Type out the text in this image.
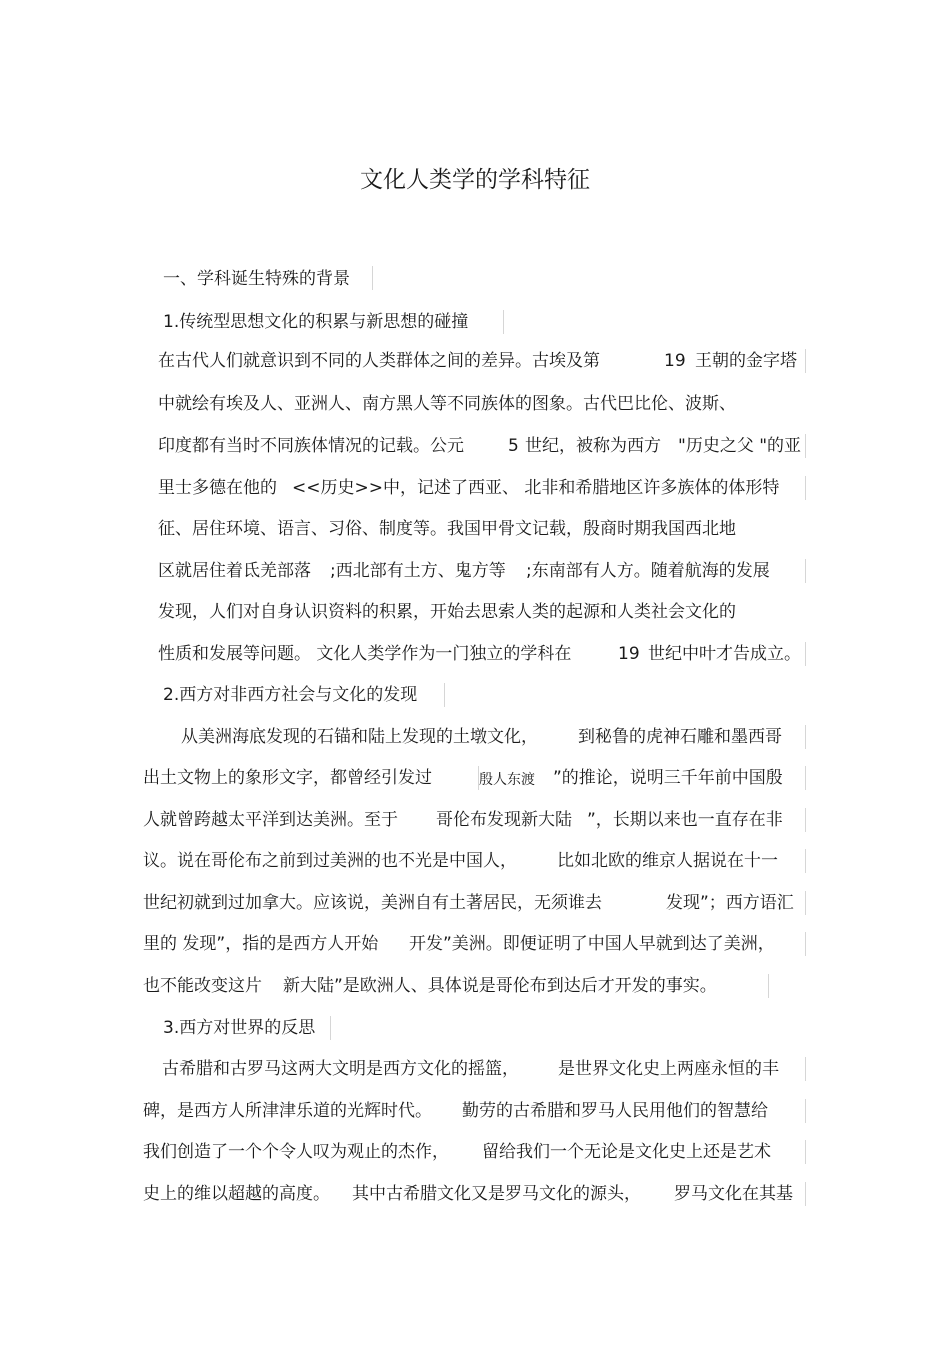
文化人类学的学科特征
一、学科诞生特殊的背景
1.传统型思想文化的积累与新思想的碰撞
在古代人们就意识到不同的人类群体之间的差异。古埃及第	19 王朝的金字塔
中就绘有埃及人、亚洲人、南方黑人等不同族体的图象。古代巴比伦、波斯、
印度都有当时不同族体情况的记载。公元	5 世纪，被称为西方 "历史之父 "的亚
里士多德在他的 <<历史>>中，记述了西亚、 北非和希腊地区许多族体的体形特
征、居住环境、语言、习俗、制度等。我国甲骨文记载，殷商时期我国西北地
区就居住着氐羌部落 ;西北部有土方、鬼方等 ;东南部有人方。随着航海的发展
发现，人们对自身认识资料的积累，开始去思索人类的起源和人类社会文化的
性质和发展等问题。 文化人类学作为一门独立的学科在	19 世纪中叶才告成立。
2.西方对非西方社会与文化的发现
从美洲海底发现的石锚和陆上发现的土墩文化， 到秘鲁的虎神石雕和墨西哥
出土文物上的象形文字，都曾经引发过	殷人东渡 ”的推论，说明三千年前中国殷
人就曾跨越太平洋到达美洲。至于 哥伦布发现新大陆 ”，长期以来也一直存在非
议。说在哥伦布之前到过美洲的也不光是中国人， 比如北欧的维京人据说在十一
世纪初就到过加拿大。应该说，美洲自有土著居民，无须谁去	发现”；西方语汇
里的 发现”，指的是西方人开始 开发”美洲。即便证明了中国人早就到达了美洲，
也不能改变这片 新大陆”是欧洲人、具体说是哥伦布到达后才开发的事实。
3.西方对世界的反思
古希腊和古罗马这两大文明是西方文化的摇篮， 是世界文化史上两座永恒的丰
碑，是西方人所津津乐道的光辉时代。 勤劳的古希腊和罗马人民用他们的智慧给
我们创造了一个个令人叹为观止的杰作， 留给我们一个无论是文化史上还是艺术
史上的维以超越的高度。 其中古希腊文化又是罗马文化的源头， 罗马文化在其基
